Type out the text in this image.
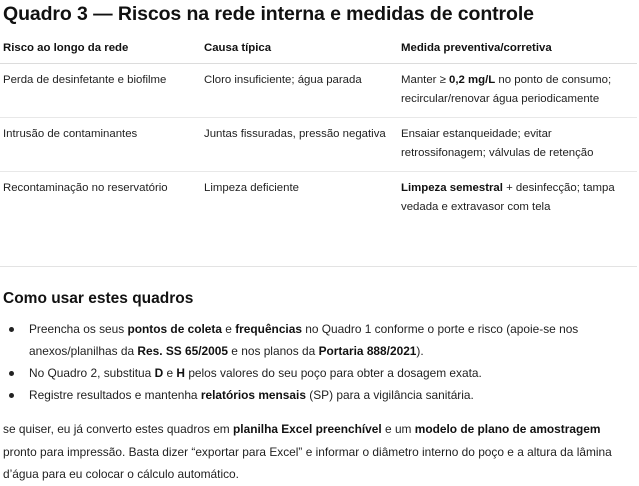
Quadro 3 — Riscos na rede interna e medidas de controle
Risco ao longo da rede	Causa típica	Medida preventiva/corretiva
Perda de desinfetante e biofilme	Cloro insuficiente; água parada	Manter ≥ 0,2 mg/L no ponto de consumo; recircular/renovar água periodicamente
Intrusão de contaminantes	Juntas fissuradas, pressão negativa	Ensaiar estanqueidade; evitar retrossifonagem; válvulas de retenção
Recontaminação no reservatório	Limpeza deficiente	Limpeza semestral + desinfecção; tampa vedada e extravasor com tela
Como usar estes quadros
Preencha os seus pontos de coleta e frequências no Quadro 1 conforme o porte e risco (apoie-se nos anexos/planilhas da Res. SS 65/2005 e nos planos da Portaria 888/2021).
No Quadro 2, substitua D e H pelos valores do seu poço para obter a dosagem exata.
Registre resultados e mantenha relatórios mensais (SP) para a vigilância sanitária.

se quiser, eu já converto estes quadros em planilha Excel preenchível e um modelo de plano de amostragem pronto para impressão. Basta dizer “exportar para Excel” e informar o diâmetro interno do poço e a altura da lâmina d’água para eu colocar o cálculo automático.
